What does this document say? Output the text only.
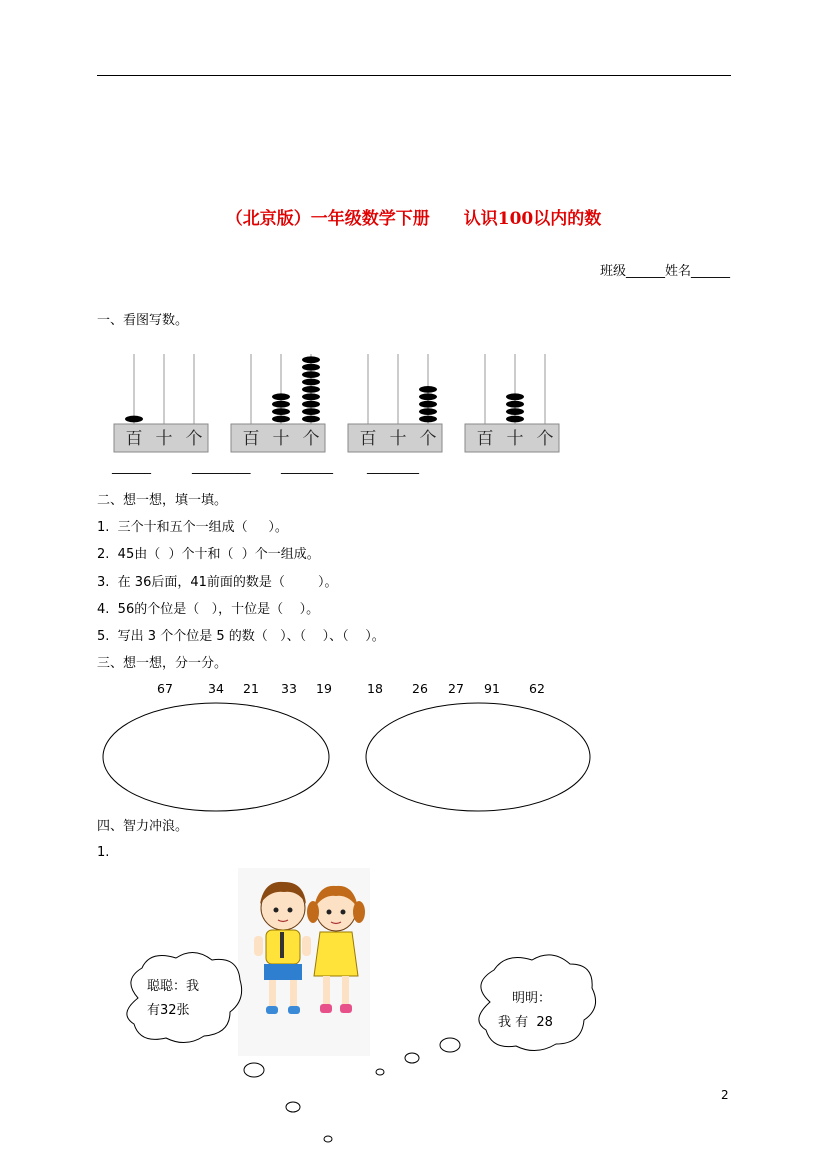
（北京版）一年级数学下册　　认识100以内的数
班级______姓名______
一、看图写数。
百 十 个 百 十 个 百 十 个 百 十 个
______	_________ ________	________
二、想一想，填一填。
1.  三个十和五个一组成（     ）。
2.  45由（  ）个十和（  ）个一组成。
3.  在 36后面，41前面的数是（        ）。
4.  56的个位是（   ），十位是（    ）。
5.  写出 3 个个位是 5 的数（   ）、（    ）、（    ）。
三、想一想，分一分。
67	34 21 33 19	18 26 27 91 62
四、智力冲浪。
1.
聪聪：我
有32张
明明：
我 有  28
2
